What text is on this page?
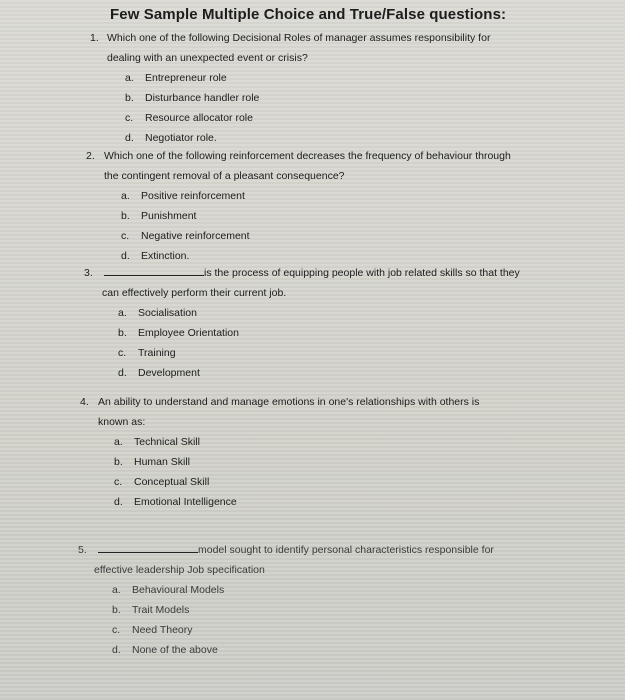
Few Sample Multiple Choice and True/False questions:
1. Which one of the following Decisional Roles of manager assumes responsibility for
dealing with an unexpected event or crisis?
a. Entrepreneur role
b. Disturbance handler role
c. Resource allocator role
d. Negotiator role.
2. Which one of the following reinforcement decreases the frequency of behaviour through
the contingent removal of a pleasant consequence?
a. Positive reinforcement
b. Punishment
c. Negative reinforcement
d. Extinction.
3.	is the process of equipping people with job related skills so that they
can effectively perform their current job.
a. Socialisation
b. Employee Orientation
c. Training
d. Development
4. An ability to understand and manage emotions in one's relationships with others is
known as:
a. Technical Skill
b. Human Skill
c. Conceptual Skill
d. Emotional Intelligence
5.	model sought to identify personal characteristics responsible for
effective leadership Job specification
a. Behavioural Models
b. Trait Models
c. Need Theory
d. None of the above
